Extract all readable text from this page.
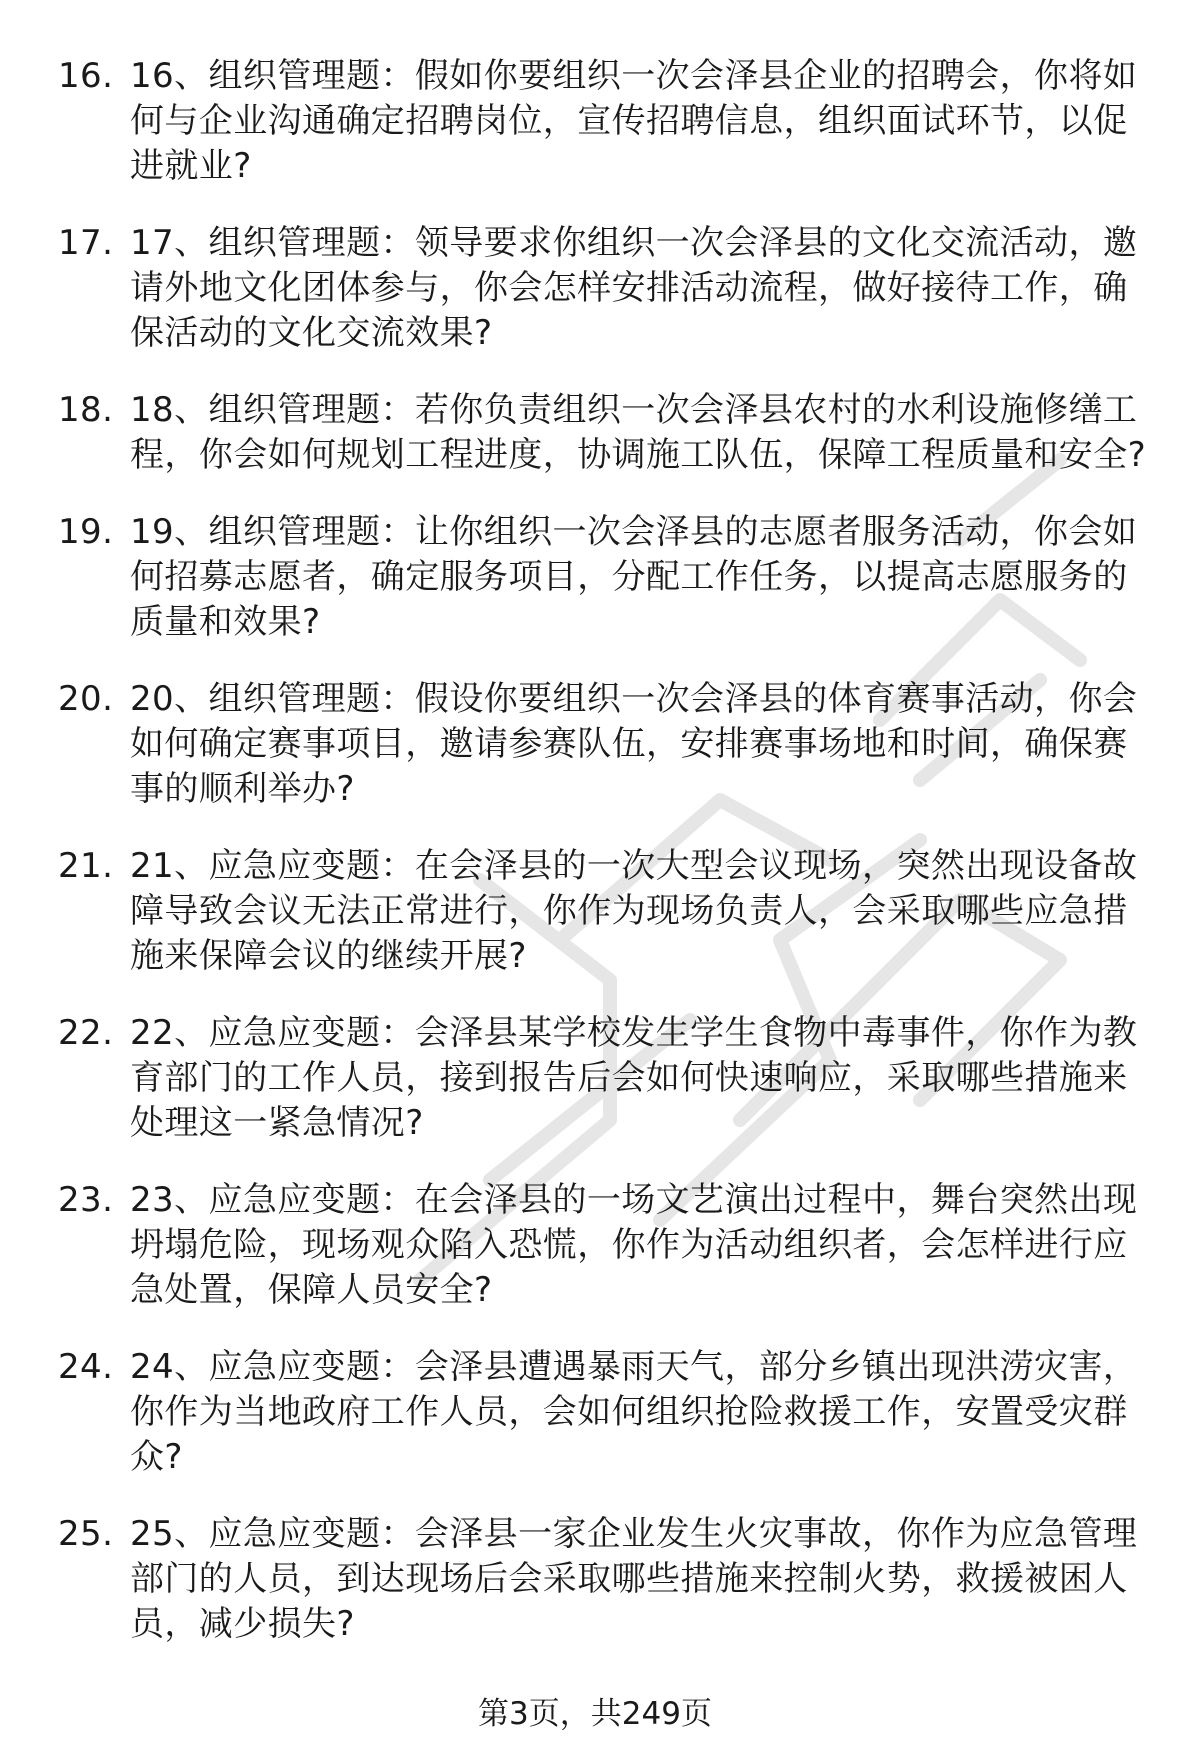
16. 16、组织管理题：假如你要组织一次会泽县企业的招聘会，你将如何与企业沟通确定招聘岗位，宣传招聘信息，组织面试环节，以促进就业?
17. 17、组织管理题：领导要求你组织一次会泽县的文化交流活动，邀请外地文化团体参与，你会怎样安排活动流程，做好接待工作，确保活动的文化交流效果?
18. 18、组织管理题：若你负责组织一次会泽县农村的水利设施修缮工程，你会如何规划工程进度，协调施工队伍，保障工程质量和安全?
19. 19、组织管理题：让你组织一次会泽县的志愿者服务活动，你会如何招募志愿者，确定服务项目，分配工作任务，以提高志愿服务的质量和效果?
20. 20、组织管理题：假设你要组织一次会泽县的体育赛事活动，你会如何确定赛事项目，邀请参赛队伍，安排赛事场地和时间，确保赛事的顺利举办?
21. 21、应急应变题：在会泽县的一次大型会议现场，突然出现设备故障导致会议无法正常进行，你作为现场负责人，会采取哪些应急措施来保障会议的继续开展?
22. 22、应急应变题：会泽县某学校发生学生食物中毒事件，你作为教育部门的工作人员，接到报告后会如何快速响应，采取哪些措施来处理这一紧急情况?
23. 23、应急应变题：在会泽县的一场文艺演出过程中，舞台突然出现坍塌危险，现场观众陷入恐慌，你作为活动组织者，会怎样进行应急处置，保障人员安全?
24. 24、应急应变题：会泽县遭遇暴雨天气，部分乡镇出现洪涝灾害，你作为当地政府工作人员，会如何组织抢险救援工作，安置受灾群众?
25. 25、应急应变题：会泽县一家企业发生火灾事故，你作为应急管理部门的人员，到达现场后会采取哪些措施来控制火势，救援被困人员，减少损失?
第3页，共249页
